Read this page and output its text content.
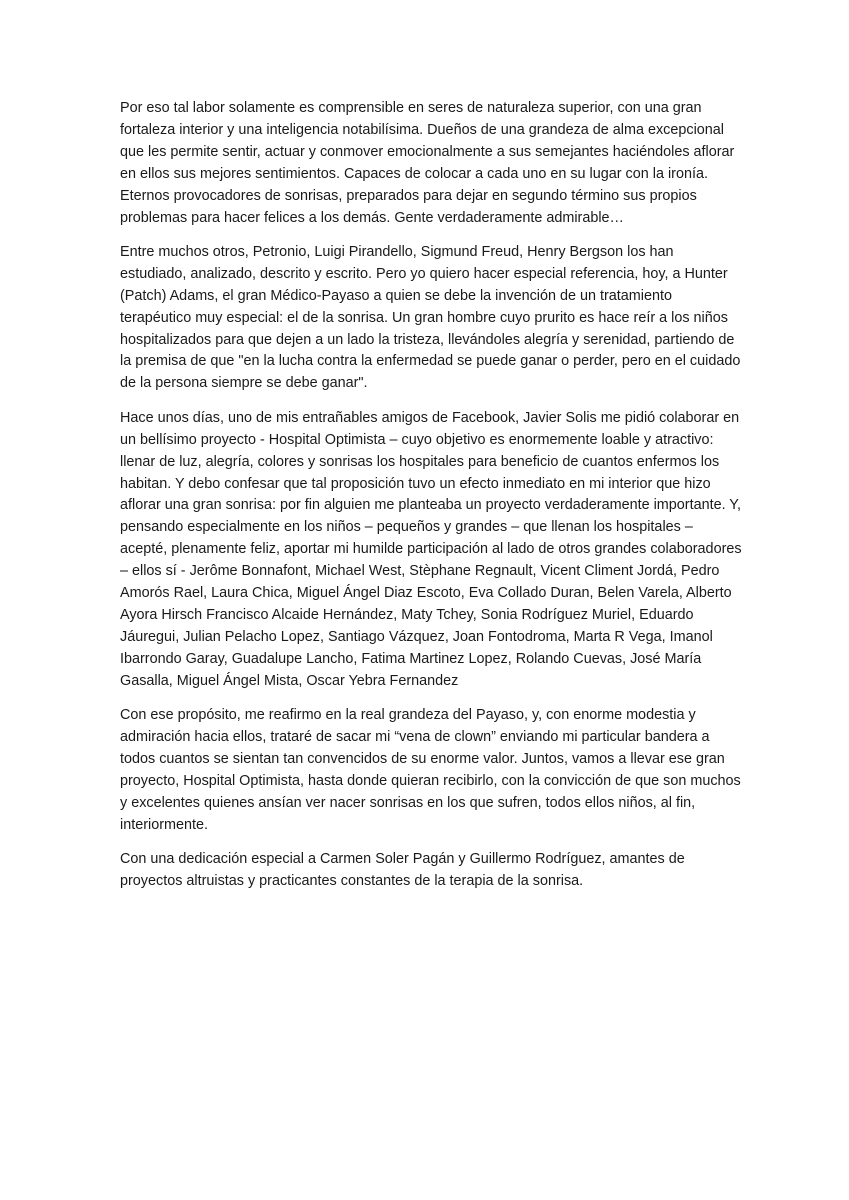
Por eso tal labor solamente es comprensible en seres de naturaleza superior, con una gran fortaleza interior y una inteligencia notabilísima. Dueños de una grandeza de alma excepcional que les permite sentir, actuar y conmover emocionalmente a sus semejantes haciéndoles aflorar en ellos sus mejores sentimientos. Capaces de colocar a cada uno en su lugar con la ironía. Eternos provocadores de sonrisas, preparados para dejar en segundo término sus propios problemas para hacer felices a los demás. Gente verdaderamente admirable…

Entre muchos otros, Petronio, Luigi Pirandello, Sigmund Freud, Henry Bergson los han estudiado, analizado, descrito y escrito. Pero yo quiero hacer especial referencia, hoy, a Hunter (Patch) Adams, el gran Médico-Payaso a quien se debe la invención de un tratamiento terapéutico muy especial: el de la sonrisa. Un gran hombre cuyo prurito es hace reír a los niños hospitalizados para que dejen a un lado la tristeza, llevándoles alegría y serenidad, partiendo de la premisa de que "en la lucha contra la enfermedad se puede ganar o perder, pero en el cuidado de la persona siempre se debe ganar".

Hace unos días, uno de mis entrañables amigos de Facebook, Javier Solis me pidió colaborar en un bellísimo proyecto - Hospital Optimista – cuyo objetivo es enormemente loable y atractivo: llenar de luz, alegría, colores y sonrisas los hospitales para beneficio de cuantos enfermos los habitan. Y debo confesar que tal proposición tuvo un efecto inmediato en mi interior que hizo aflorar una gran sonrisa: por fin alguien me planteaba un proyecto verdaderamente importante. Y, pensando especialmente en los niños – pequeños y grandes – que llenan los hospitales – acepté, plenamente feliz, aportar mi humilde participación al lado de otros grandes colaboradores – ellos sí - Jerôme Bonnafont, Michael West, Stèphane Regnault, Vicent Climent Jordá, Pedro Amorós Rael, Laura Chica, Miguel Ángel Diaz Escoto, Eva Collado Duran, Belen Varela, Alberto Ayora Hirsch Francisco Alcaide Hernández, Maty Tchey, Sonia Rodríguez Muriel, Eduardo Jáuregui, Julian Pelacho Lopez, Santiago Vázquez, Joan Fontodroma, Marta R Vega, Imanol Ibarrondo Garay, Guadalupe Lancho, Fatima Martinez Lopez, Rolando Cuevas, José María Gasalla, Miguel Ángel Mista, Oscar Yebra Fernandez

Con ese propósito, me reafirmo en la real grandeza del Payaso, y, con enorme modestia y admiración hacia ellos, trataré de sacar mi “vena de clown” enviando mi particular bandera a todos cuantos se sientan tan convencidos de su enorme valor. Juntos, vamos a llevar ese gran proyecto, Hospital Optimista, hasta donde quieran recibirlo, con la convicción de que son muchos y excelentes quienes ansían ver nacer sonrisas en los que sufren, todos ellos niños, al fin, interiormente.

Con una dedicación especial a Carmen Soler Pagán y Guillermo Rodríguez, amantes de proyectos altruistas y practicantes constantes de la terapia de la sonrisa.
